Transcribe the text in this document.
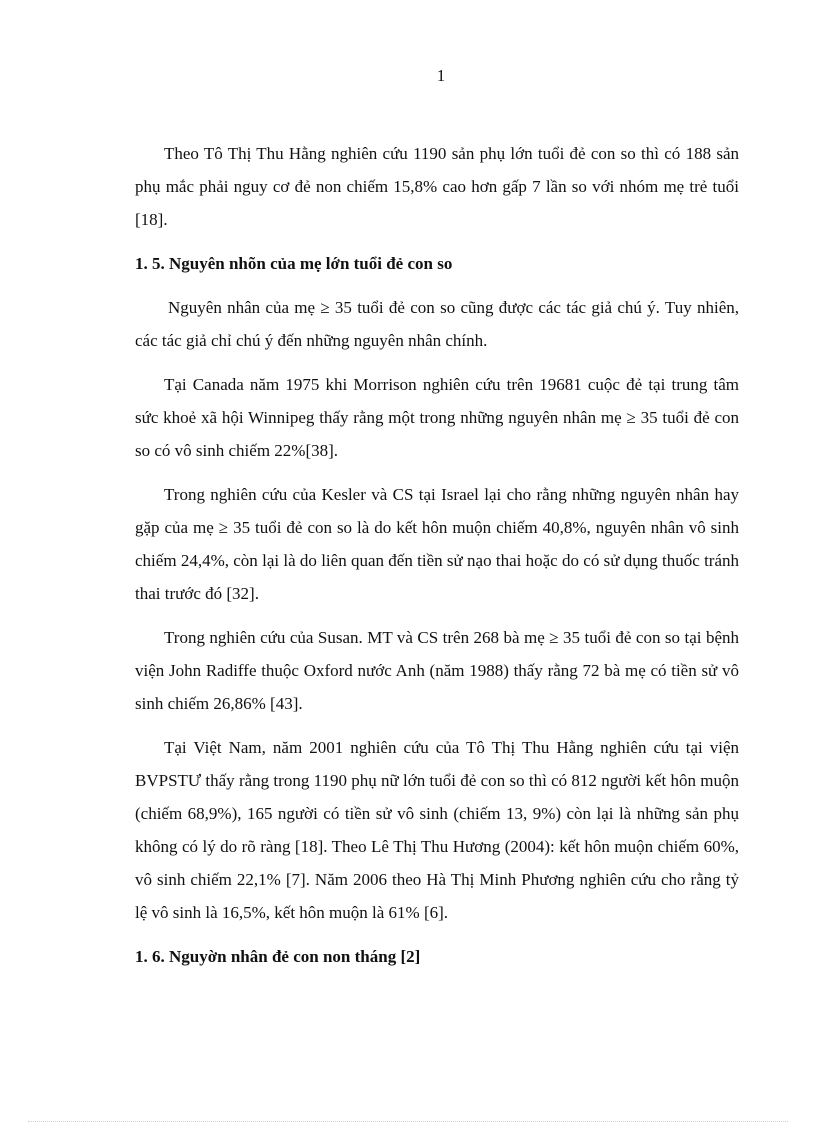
1

Theo Tô Thị Thu Hằng nghiên cứu 1190 sản phụ lớn tuổi đẻ con so thì có 188 sản phụ mắc phải nguy cơ đẻ non chiếm 15,8% cao hơn gấp 7 lần so với nhóm mẹ trẻ tuổi [18].

1. 5. Nguyên nhõn của mẹ lớn tuổi đẻ con so

Nguyên nhân của mẹ ≥ 35 tuổi đẻ con so cũng được các tác giả chú ý. Tuy nhiên, các tác giả chỉ chú ý đến những nguyên nhân chính.

Tại Canada năm 1975 khi Morrison nghiên cứu trên 19681 cuộc đẻ tại trung tâm sức khoẻ xã hội Winnipeg thấy rằng một trong những nguyên nhân mẹ ≥ 35 tuổi đẻ con so có vô sinh chiếm 22%[38].

Trong nghiên cứu của Kesler và CS tại Israel lại cho rằng những nguyên nhân hay gặp của mẹ ≥ 35 tuổi đẻ con so là do kết hôn muộn chiếm 40,8%, nguyên nhân vô sinh chiếm 24,4%, còn lại là do liên quan đến tiền sử nạo thai hoặc do có sử dụng thuốc tránh thai trước đó [32].

Trong nghiên cứu của Susan. MT và CS trên 268 bà mẹ ≥ 35 tuổi đẻ con so tại bệnh viện John Radiffe thuộc Oxford nước Anh (năm 1988) thấy rằng 72 bà mẹ có tiền sử vô sinh chiếm 26,86% [43].

Tại Việt Nam, năm 2001 nghiên cứu của Tô Thị Thu Hằng nghiên cứu tại viện BVPSTƯ thấy rằng trong 1190 phụ nữ lớn tuổi đẻ con so thì có 812 người kết hôn muộn (chiếm 68,9%), 165 người có tiền sử vô sinh (chiếm 13, 9%) còn lại là những sản phụ không có lý do rõ ràng [18]. Theo Lê Thị Thu Hương (2004): kết hôn muộn chiếm 60%, vô sinh chiếm 22,1% [7]. Năm 2006 theo Hà Thị Minh Phương nghiên cứu cho rằng tỷ lệ vô sinh là 16,5%, kết hôn muộn là 61% [6].

1. 6. Nguyờn nhân đẻ con non tháng [2]
